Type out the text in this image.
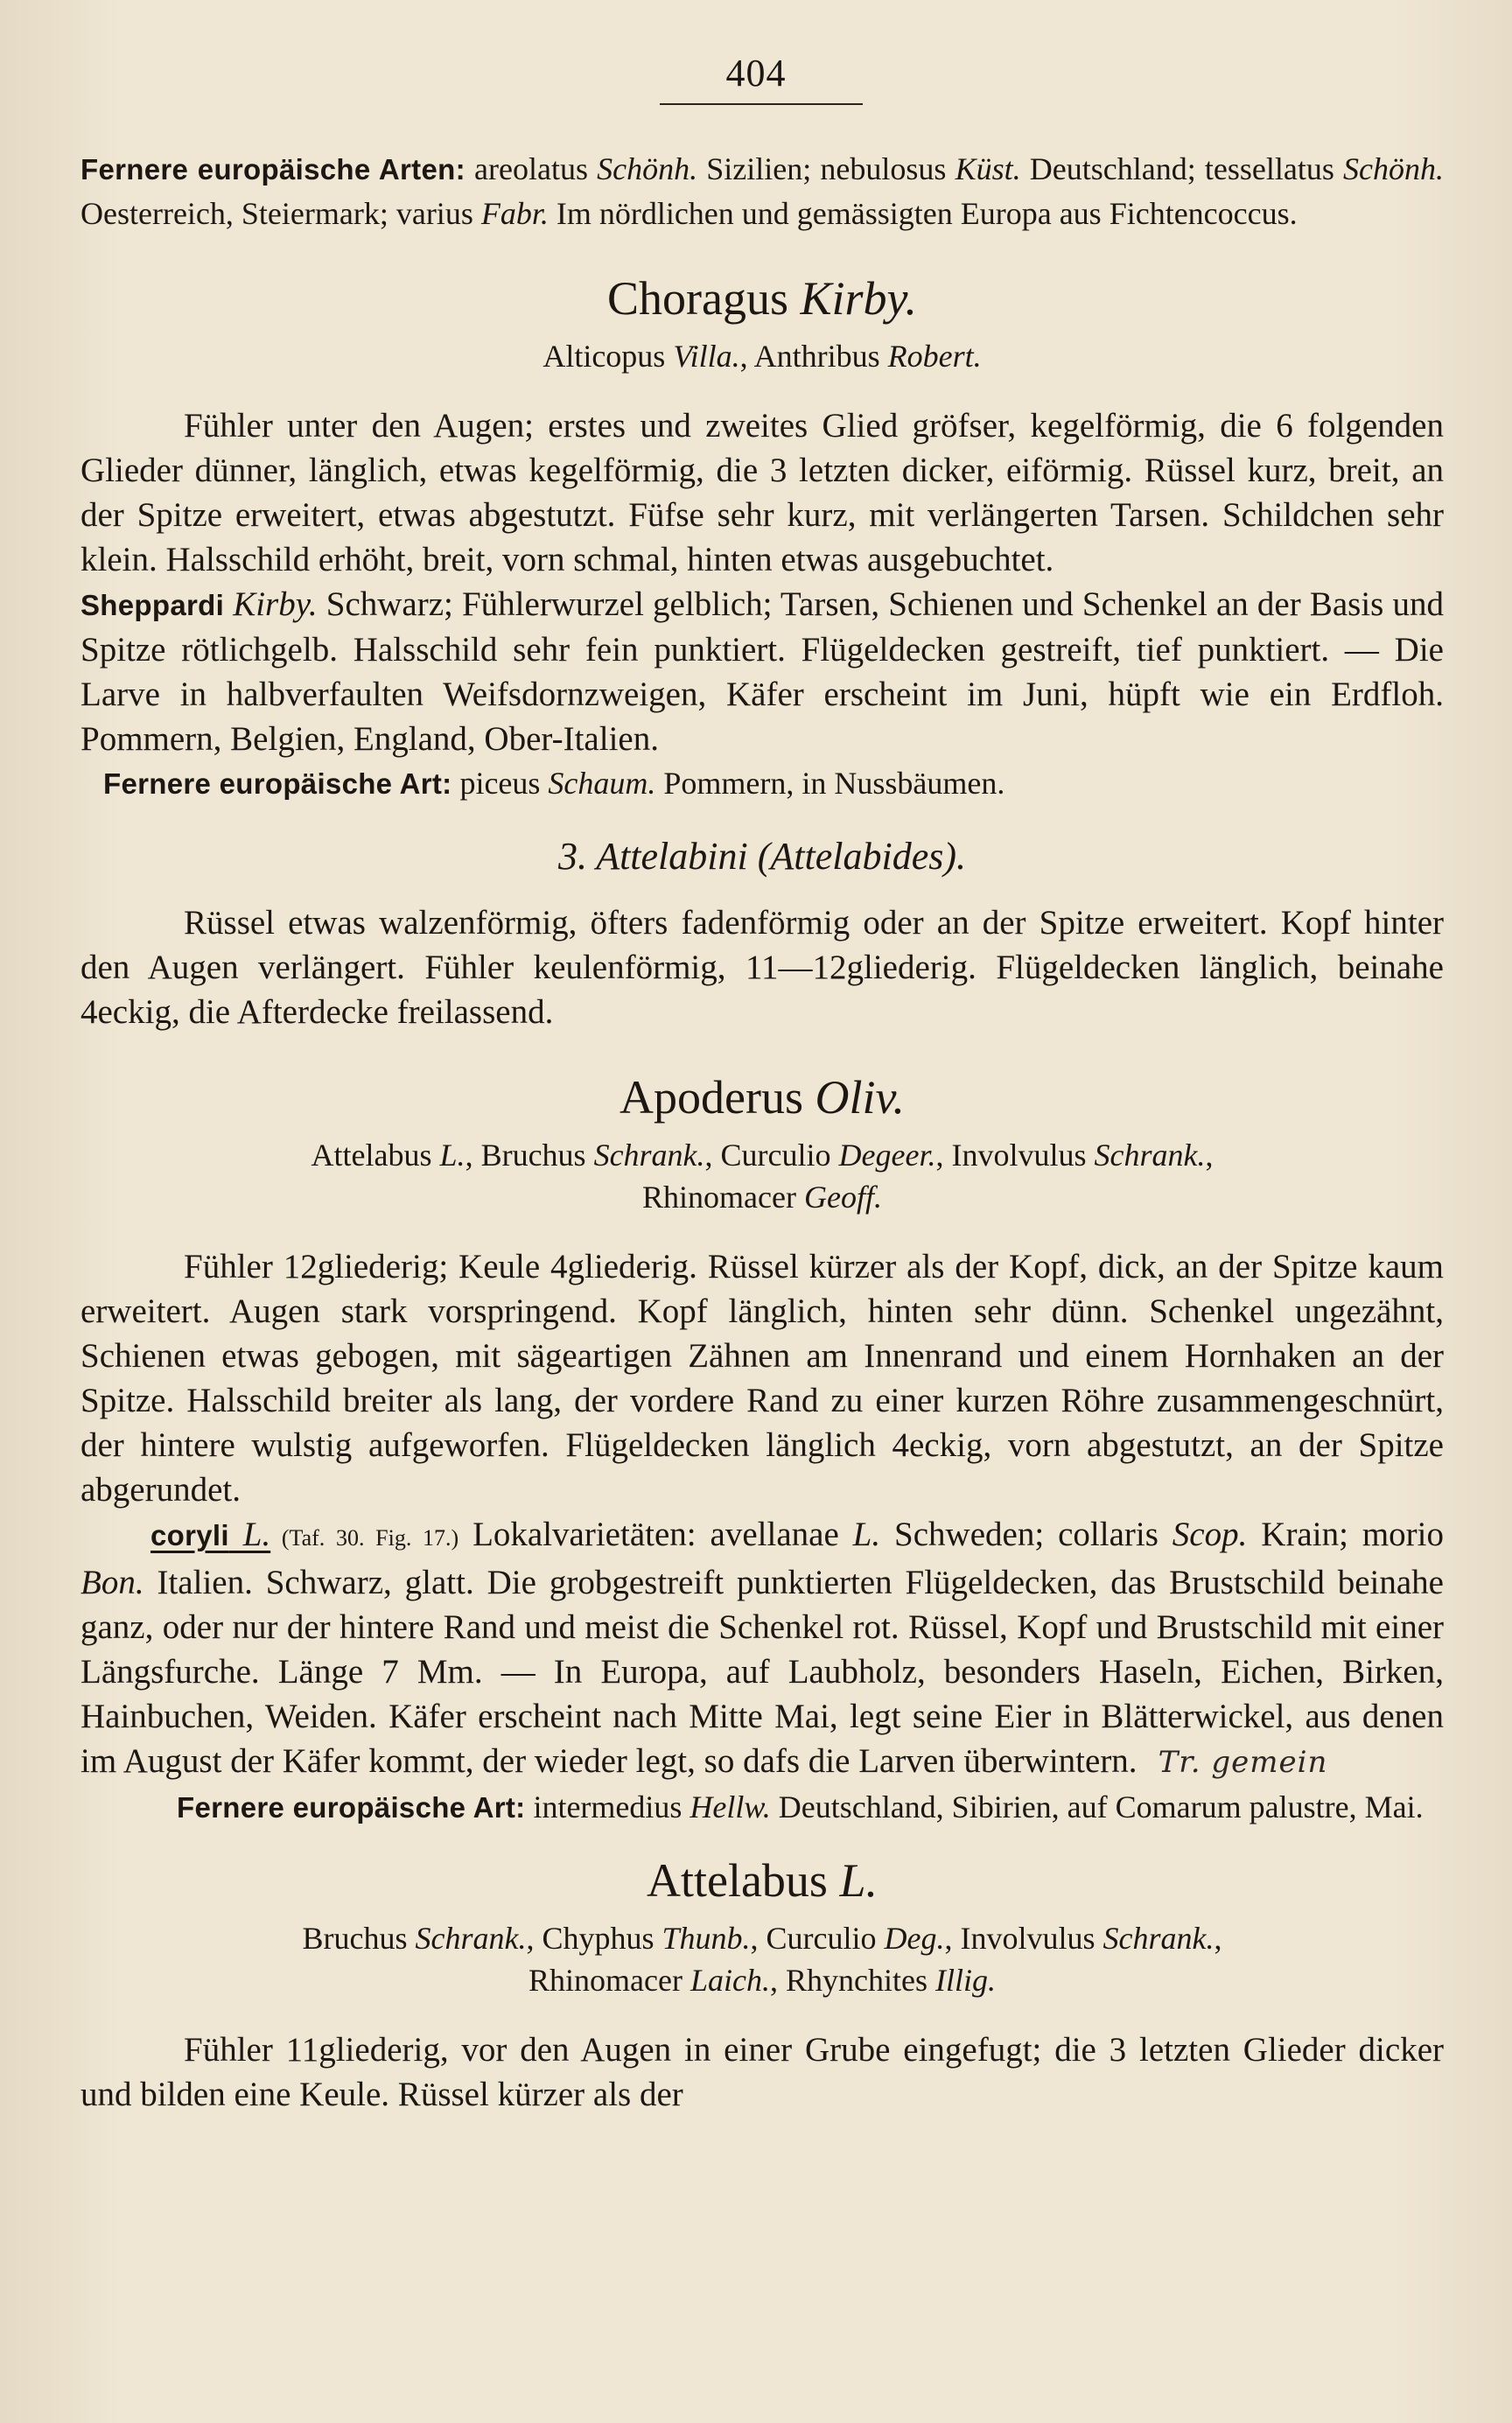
404

Fernere europäische Arten: areolatus Schönh. Sizilien; nebulosus Küst. Deutschland; tessellatus Schönh. Oesterreich, Steiermark; varius Fabr. Im nördlichen und gemässigten Europa aus Fichtencoccus.

Choragus Kirby.
Alticopus Villa., Anthribus Robert.

Fühler unter den Augen; erstes und zweites Glied gröfser, kegelförmig, die 6 folgenden Glieder dünner, länglich, etwas kegelförmig, die 3 letzten dicker, eiförmig. Rüssel kurz, breit, an der Spitze erweitert, etwas abgestutzt. Füfse sehr kurz, mit verlängerten Tarsen. Schildchen sehr klein. Halsschild erhöht, breit, vorn schmal, hinten etwas ausgebuchtet.

Sheppardi Kirby. Schwarz; Fühlerwurzel gelblich; Tarsen, Schienen und Schenkel an der Basis und Spitze rötlichgelb. Halsschild sehr fein punktiert. Flügeldecken gestreift, tief punktiert. — Die Larve in halbverfaulten Weifsdornzweigen, Käfer erscheint im Juni, hüpft wie ein Erdfloh. Pommern, Belgien, England, Ober-Italien.

Fernere europäische Art: piceus Schaum. Pommern, in Nussbäumen.

3. Attelabini (Attelabides).

Rüssel etwas walzenförmig, öfters fadenförmig oder an der Spitze erweitert. Kopf hinter den Augen verlängert. Fühler keulenförmig, 11—12gliederig. Flügeldecken länglich, beinahe 4eckig, die Afterdecke freilassend.

Apoderus Oliv.
Attelabus L., Bruchus Schrank., Curculio Degeer., Involvulus Schrank.,
Rhinomacer Geoff.

Fühler 12gliederig; Keule 4gliederig. Rüssel kürzer als der Kopf, dick, an der Spitze kaum erweitert. Augen stark vorspringend. Kopf länglich, hinten sehr dünn. Schenkel ungezähnt, Schienen etwas gebogen, mit sägeartigen Zähnen am Innenrand und einem Hornhaken an der Spitze. Halsschild breiter als lang, der vordere Rand zu einer kurzen Röhre zusammengeschnürt, der hintere wulstig aufgeworfen. Flügeldecken länglich 4eckig, vorn abgestutzt, an der Spitze abgerundet.

coryli L. (Taf. 30. Fig. 17.) Lokalvarietäten: avellanae L. Schweden; collaris Scop. Krain; morio Bon. Italien. Schwarz, glatt. Die grobgestreift punktierten Flügeldecken, das Brustschild beinahe ganz, oder nur der hintere Rand und meist die Schenkel rot. Rüssel, Kopf und Brustschild mit einer Längsfurche. Länge 7 Mm. — In Europa, auf Laubholz, besonders Haseln, Eichen, Birken, Hainbuchen, Weiden. Käfer erscheint nach Mitte Mai, legt seine Eier in Blätterwickel, aus denen im August der Käfer kommt, der wieder legt, so dafs die Larven überwintern. Tr. gemein

Fernere europäische Art: intermedius Hellw. Deutschland, Sibirien, auf Comarum palustre, Mai.

Attelabus L.
Bruchus Schrank., Chyphus Thunb., Curculio Deg., Involvulus Schrank.,
Rhinomacer Laich., Rhynchites Illig.

Fühler 11gliederig, vor den Augen in einer Grube eingefugt; die 3 letzten Glieder dicker und bilden eine Keule. Rüssel kürzer als der
